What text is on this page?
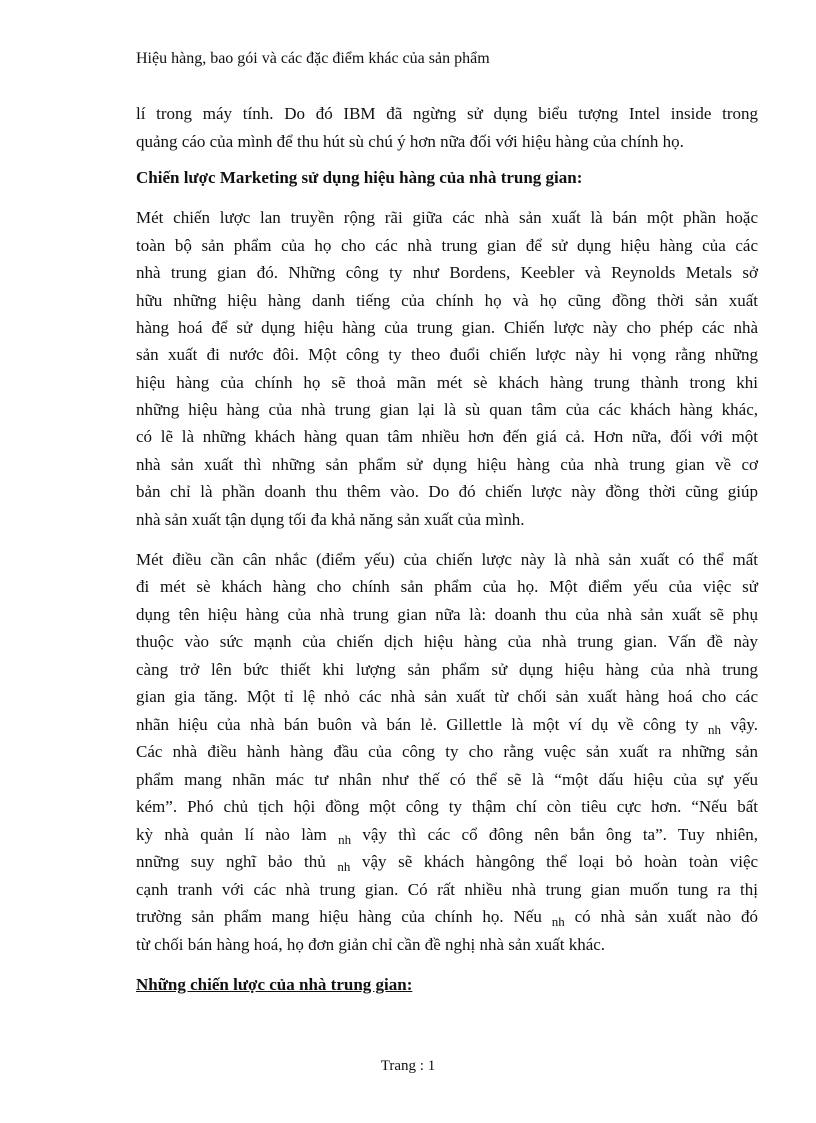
Hiệu hàng, bao gói và các đặc điểm khác của sản phẩm
lí trong máy tính. Do đó IBM đã ngừng sử dụng biểu tượng Intel inside trong
quảng cáo của mình để thu hút sù chú ý hơn nữa đối với hiệu hàng của chính họ.
Chiến lược Marketing sử dụng hiệu hàng của nhà trung gian:
Mét chiến lược lan truyền rộng rãi giữa các nhà sản xuất là bán một phần hoặc
toàn bộ sản phẩm của họ cho các nhà trung gian để sử dụng hiệu hàng của các
nhà trung gian đó. Những công ty như Bordens, Keebler và Reynolds Metals sở
hữu những hiệu hàng danh tiếng của chính họ và họ cũng đồng thời sản xuất
hàng hoá để sử dụng hiệu hàng của trung gian. Chiến lược này cho phép các nhà
sản xuất đi nước đôi. Một công ty theo đuổi chiến lược này hi vọng rằng những
hiệu hàng của chính họ sẽ thoả mãn mét sè khách hàng trung thành trong khi
những hiệu hàng của nhà trung gian lại là sù quan tâm của các khách hàng khác,
có lẽ là những khách hàng quan tâm nhiều hơn đến giá cả. Hơn nữa, đối với một
nhà sản xuất thì những sản phẩm sử dụng hiệu hàng của nhà trung gian về cơ
bản chỉ là phần doanh thu thêm vào. Do đó chiến lược này đồng thời cũng giúp
nhà sản xuất tận dụng tối đa khả năng sản xuất của mình.
Mét điều cần cân nhắc (điểm yếu) của chiến lược này là nhà sản xuất có thể mất
đi mét sè khách hàng cho chính sản phẩm của họ. Một điểm yếu của việc sử
dụng tên hiệu hàng của nhà trung gian nữa là: doanh thu của nhà sản xuất sẽ phụ
thuộc vào sức mạnh của chiến dịch hiệu hàng của nhà trung gian. Vấn đề này
càng trở lên bức thiết khi lượng sản phẩm sử dụng hiệu hàng của nhà trung
gian gia tăng. Một tỉ lệ nhỏ các nhà sản xuất từ chối sản xuất hàng hoá cho các
nhãn hiệu của nhà bán buôn và bán lẻ. Gillettle là một ví dụ về công ty $_{nh}$ vậy.
Các nhà điều hành hàng đầu của công ty cho rằng vuệc sản xuất ra những sản
phẩm mang nhãn mác tư nhân như thế có thể sẽ là “một dấu hiệu của sự yếu
kém”. Phó chủ tịch hội đồng một công ty thậm chí còn tiêu cực hơn. “Nếu bất
kỳ nhà quản lí nào làm $_{nh}$ vậy thì các cổ đông nên bắn ông ta”. Tuy nhiên,
nnững suy nghĩ bảo thủ $_{nh}$ vậy sẽ khách hàngông thể loại bỏ hoàn toàn việc
cạnh tranh với các nhà trung gian. Có rất nhiều nhà trung gian muốn tung ra thị
trường sản phẩm mang hiệu hàng của chính họ. Nếu $_{nh}$ có nhà sản xuất nào đó
từ chối bán hàng hoá, họ đơn giản chỉ cần đề nghị nhà sản xuất khác.
Những chiến lược của nhà trung gian:
Trang : 1
